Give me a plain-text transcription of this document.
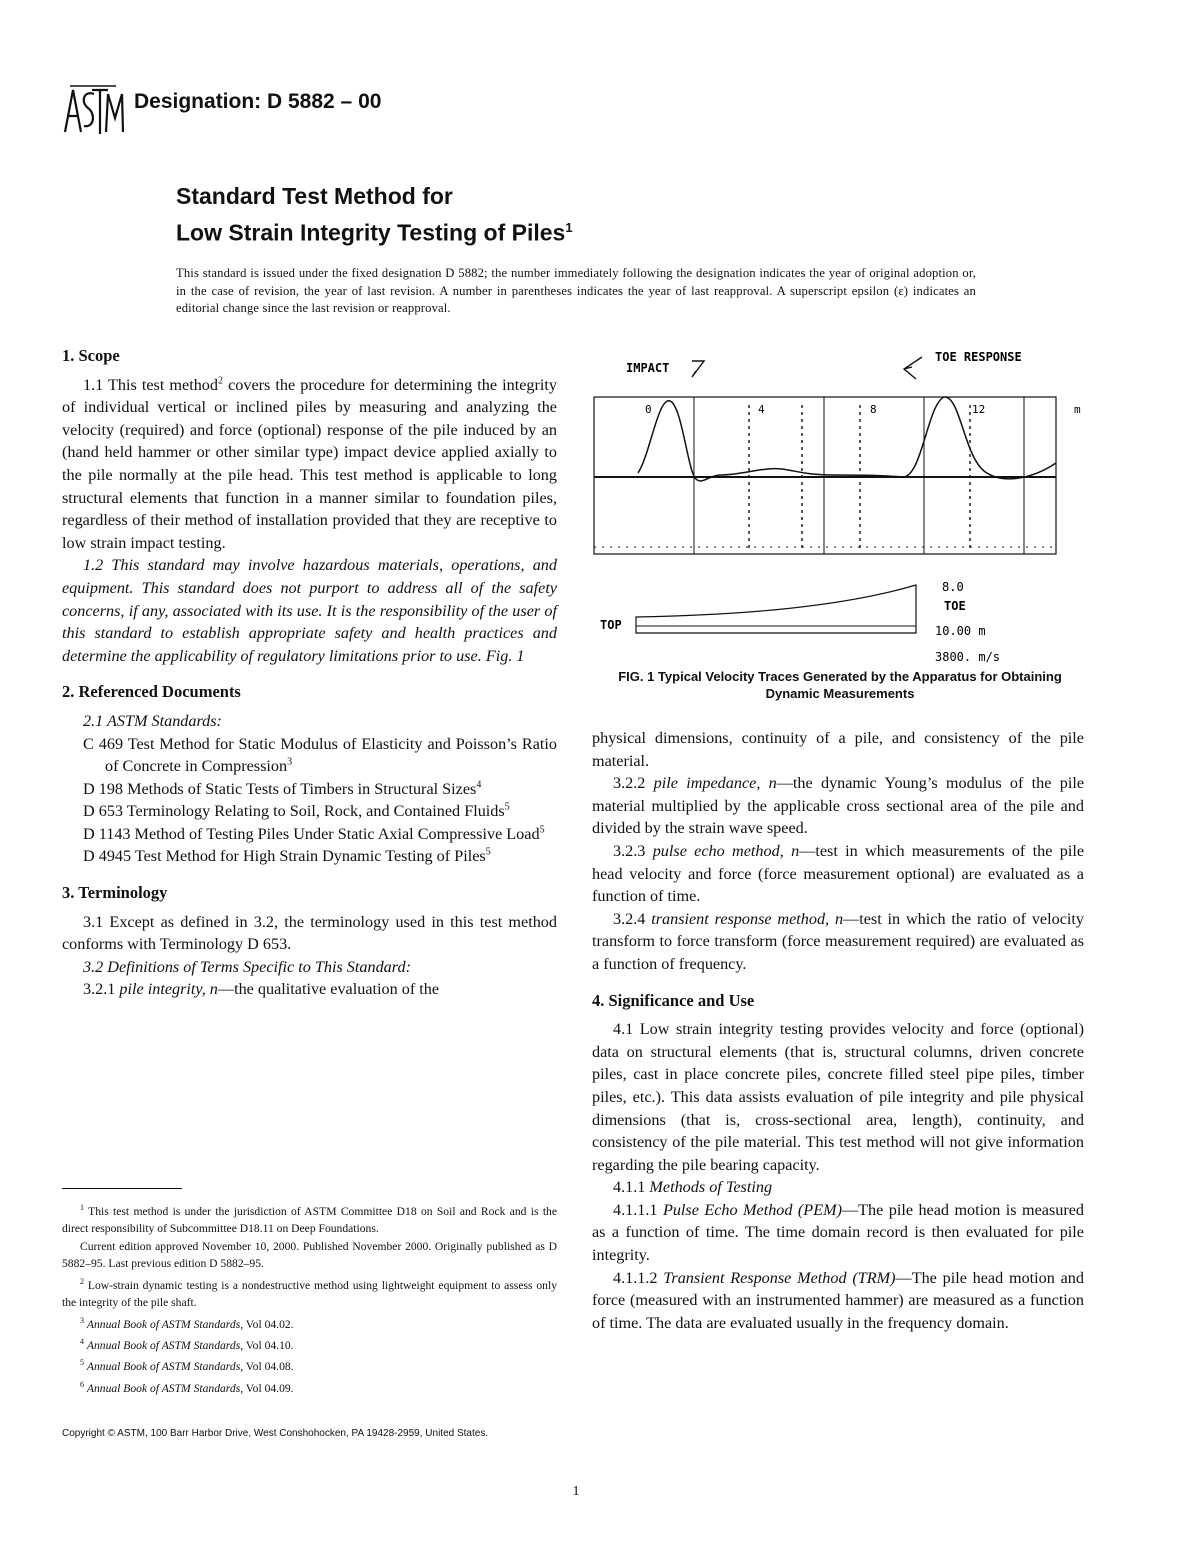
Designation: D 5882 – 00
Standard Test Method for
Low Strain Integrity Testing of Piles$^1$
This standard is issued under the fixed designation D 5882; the number immediately following the designation indicates the year of original adoption or, in the case of revision, the year of last revision. A number in parentheses indicates the year of last reapproval. A superscript epsilon (ε) indicates an editorial change since the last revision or reapproval.
1. Scope

1.1 This test method$^2$ covers the procedure for determining the integrity of individual vertical or inclined piles by measuring and analyzing the velocity (required) and force (optional) response of the pile induced by an (hand held hammer or other similar type) impact device applied axially to the pile normally at the pile head. This test method is applicable to long structural elements that function in a manner similar to foundation piles, regardless of their method of installation provided that they are receptive to low strain impact testing.

1.2 This standard may involve hazardous materials, operations, and equipment. This standard does not purport to address all of the safety concerns, if any, associated with its use. It is the responsibility of the user of this standard to establish appropriate safety and health practices and determine the applicability of regulatory limitations prior to use. Fig. 1

2. Referenced Documents

2.1 ASTM Standards:

C 469 Test Method for Static Modulus of Elasticity and Poisson’s Ratio of Concrete in Compression$^3$

D 198 Methods of Static Tests of Timbers in Structural Sizes$^4$

D 653 Terminology Relating to Soil, Rock, and Contained Fluids$^5$

D 1143 Method of Testing Piles Under Static Axial Compressive Load$^5$

D 4945 Test Method for High Strain Dynamic Testing of Piles$^5$

3. Terminology

3.1 Except as defined in 3.2, the terminology used in this test method conforms with Terminology D 653.

3.2 Definitions of Terms Specific to This Standard:

3.2.1 pile integrity, n—the qualitative evaluation of the

IMPACT
TOE RESPONSE
0	4	8	12	m
8.0
TOE
TOP	10.00 m
3800. m/s
FIG. 1 Typical Velocity Traces Generated by the Apparatus for Obtaining Dynamic Measurements

physical dimensions, continuity of a pile, and consistency of the pile material.

3.2.2 pile impedance, n—the dynamic Young’s modulus of the pile material multiplied by the applicable cross sectional area of the pile and divided by the strain wave speed.

3.2.3 pulse echo method, n—test in which measurements of the pile head velocity and force (force measurement optional) are evaluated as a function of time.

3.2.4 transient response method, n—test in which the ratio of velocity transform to force transform (force measurement required) are evaluated as a function of frequency.

4. Significance and Use

4.1 Low strain integrity testing provides velocity and force (optional) data on structural elements (that is, structural columns, driven concrete piles, cast in place concrete piles, concrete filled steel pipe piles, timber piles, etc.). This data assists evaluation of pile integrity and pile physical dimensions (that is, cross-sectional area, length), continuity, and consistency of the pile material. This test method will not give information regarding the pile bearing capacity.

4.1.1 Methods of Testing

4.1.1.1 Pulse Echo Method (PEM)—The pile head motion is measured as a function of time. The time domain record is then evaluated for pile integrity.

4.1.1.2 Transient Response Method (TRM)—The pile head motion and force (measured with an instrumented hammer) are measured as a function of time. The data are evaluated usually in the frequency domain.

$^1$ This test method is under the jurisdiction of ASTM Committee D18 on Soil and Rock and is the direct responsibility of Subcommittee D18.11 on Deep Foundations.

Current edition approved November 10, 2000. Published November 2000. Originally published as D 5882–95. Last previous edition D 5882–95.

$^2$ Low-strain dynamic testing is a nondestructive method using lightweight equipment to assess only the integrity of the pile shaft.

$^3$ Annual Book of ASTM Standards, Vol 04.02.

$^4$ Annual Book of ASTM Standards, Vol 04.10.

$^5$ Annual Book of ASTM Standards, Vol 04.08.

$^6$ Annual Book of ASTM Standards, Vol 04.09.

Copyright © ASTM, 100 Barr Harbor Drive, West Conshohocken, PA 19428-2959, United States.
1
